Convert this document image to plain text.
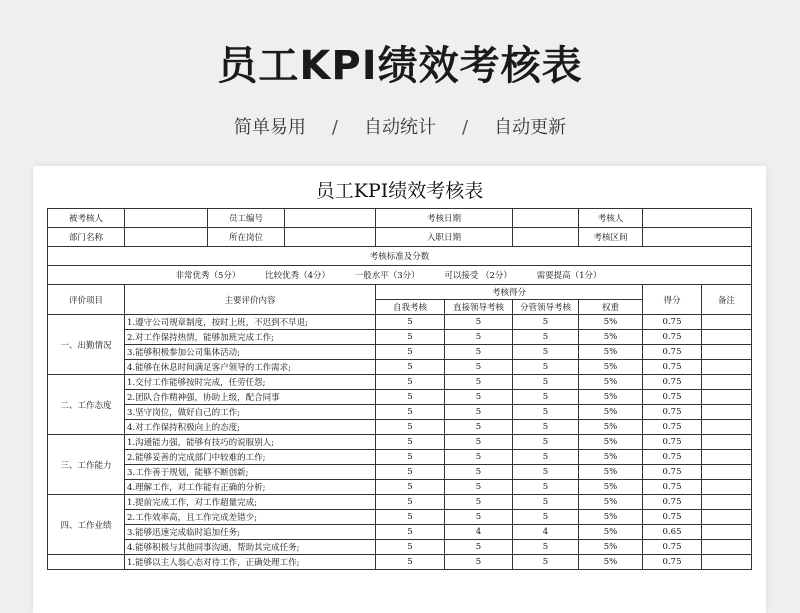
员工KPI绩效考核表
简单易用 / 自动统计 / 自动更新
员工KPI绩效考核表
被考核人		员工编号		考核日期			考核人		
部门名称		所在岗位		入职日期			考核区间		
考核标准及分数									
非常优秀（5分） 比较优秀（4分） 一般水平（3分） 可以接受 （2分） 需要提高（1分）									
评价项目	主要评价内容			考核得分				得分	备注
				自我考核	直接领导考核	分管领导考核	权重		
一、出勤情况	1.遵守公司规章制度，按时上班，不迟到不早退;			5	5	5	5%	0.75	
	2.对工作保持热情，能够加班完成工作;			5	5	5	5%	0.75	
	3.能够积极参加公司集体活动;			5	5	5	5%	0.75	
	4.能够在休息时间满足客户领导的工作需求;			5	5	5	5%	0.75	
二、工作态度	1.交付工作能够按时完成，任劳任怨;			5	5	5	5%	0.75	
	2.团队合作精神强，协助上级，配合同事			5	5	5	5%	0.75	
	3.坚守岗位，做好自己的工作;			5	5	5	5%	0.75	
	4.对工作保持积极向上的态度;			5	5	5	5%	0.75	
三、工作能力	1.沟通能力强，能够有技巧的说服别人;			5	5	5	5%	0.75	
	2.能够妥善的完成部门中较难的工作;			5	5	5	5%	0.75	
	3.工作善于规划，能够不断创新;			5	5	5	5%	0.75	
	4.理解工作，对工作能有正确的分析;			5	5	5	5%	0.75	
四、工作业绩	1.提前完成工作，对工作超量完成;			5	5	5	5%	0.75	
	2.工作效率高，且工作完成差错少;			5	5	5	5%	0.75	
	3.能够迅速完成临时追加任务;			5	4	4	5%	0.65	
	4.能够积极与其他同事沟通，帮助其完成任务;			5	5	5	5%	0.75	
	1.能够以主人翁心态对待工作，正确处理工作;			5	5	5	5%	0.75	
